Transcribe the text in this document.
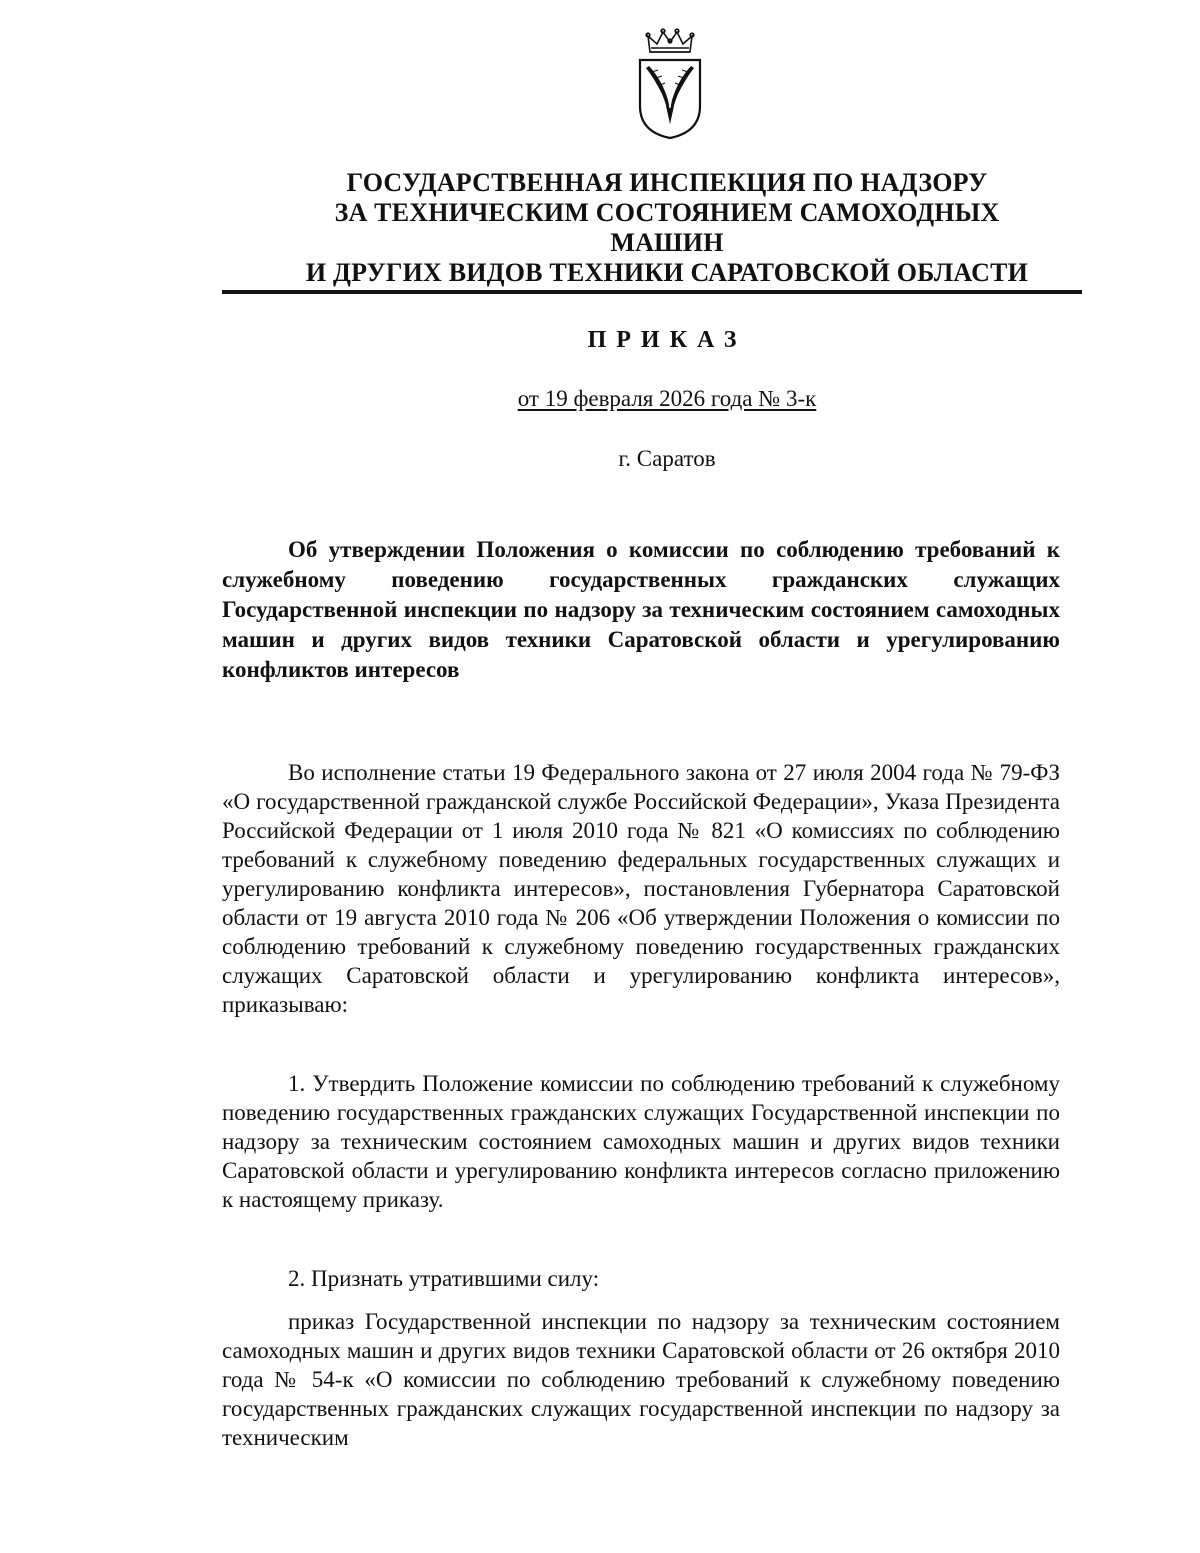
ГОСУДАРСТВЕННАЯ ИНСПЕКЦИЯ ПО НАДЗОРУ
ЗА ТЕХНИЧЕСКИМ СОСТОЯНИЕМ САМОХОДНЫХ
МАШИН
И ДРУГИХ ВИДОВ ТЕХНИКИ САРАТОВСКОЙ ОБЛАСТИ
ПРИКАЗ
от 19 февраля 2026 года № 3-к
г. Саратов
Об утверждении Положения о комиссии по соблюдению требований к служебному поведению государственных гражданских служащих Государственной инспекции по надзору за техническим состоянием самоходных машин и других видов техники Саратовской области и урегулированию конфликтов интересов

Во исполнение статьи 19 Федерального закона от 27 июля 2004 года № 79-ФЗ «О государственной гражданской службе Российской Федерации», Указа Президента Российской Федерации от 1 июля 2010 года № 821 «О комиссиях по соблюдению требований к служебному поведению федеральных государственных служащих и урегулированию конфликта интересов», постановления Губернатора Саратовской области от 19 августа 2010 года № 206 «Об утверждении Положения о комиссии по соблюдению требований к служебному поведению государственных гражданских служащих Саратовской области и урегулированию конфликта интересов», приказываю:

1. Утвердить Положение комиссии по соблюдению требований к служебному поведению государственных гражданских служащих Государственной инспекции по надзору за техническим состоянием самоходных машин и других видов техники Саратовской области и урегулированию конфликта интересов согласно приложению к настоящему приказу.

2. Признать утратившими силу:

приказ Государственной инспекции по надзору за техническим состоянием самоходных машин и других видов техники Саратовской области от 26 октября 2010 года № 54-к «О комиссии по соблюдению требований к служебному поведению государственных гражданских служащих государственной инспекции по надзору за техническим
